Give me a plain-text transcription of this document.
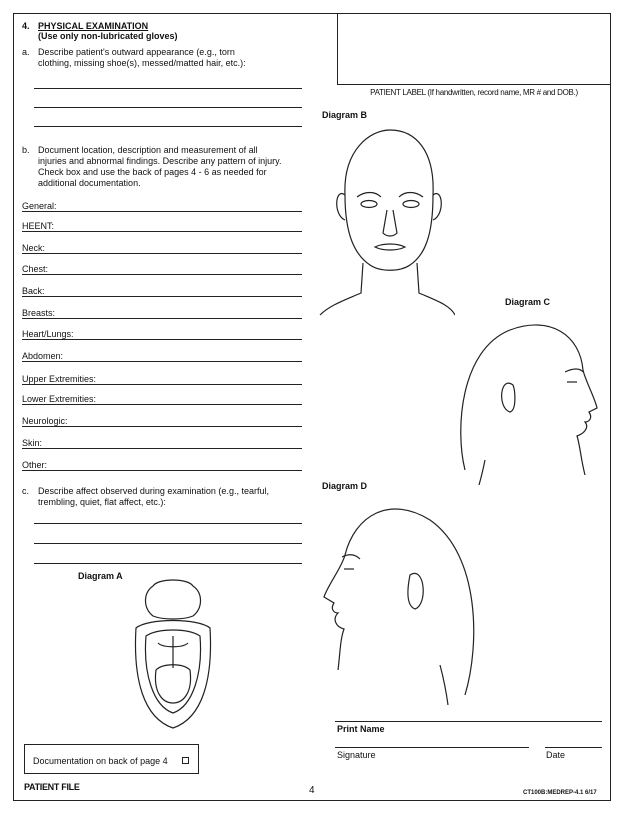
4. PHYSICAL EXAMINATION
(Use only non-lubricated gloves)
a. Describe patient's outward appearance (e.g., torn
clothing, missing shoe(s), messed/matted hair, etc.):
b. Document location, description and measurement of all
injuries and abnormal findings. Describe any pattern of injury.
Check box and use the back of pages 4 - 6 as needed for
additional documentation.
General:
HEENT:
Neck:
Chest:
Back:
Breasts:
Heart/Lungs:
Abdomen:
Upper Extremities:
Lower Extremities:
Neurologic:
Skin:
Other:
c. Describe affect observed during examination (e.g., tearful,
trembling, quiet, flat affect, etc.):
PATIENT LABEL (If handwritten, record name, MR # and DOB.)
Diagram B
Diagram C
Diagram D
Diagram A
Documentation on back of page 4
Print Name
Signature	Date
PATIENT FILE	4	CT100B:MEDREP-4.1 6/17
